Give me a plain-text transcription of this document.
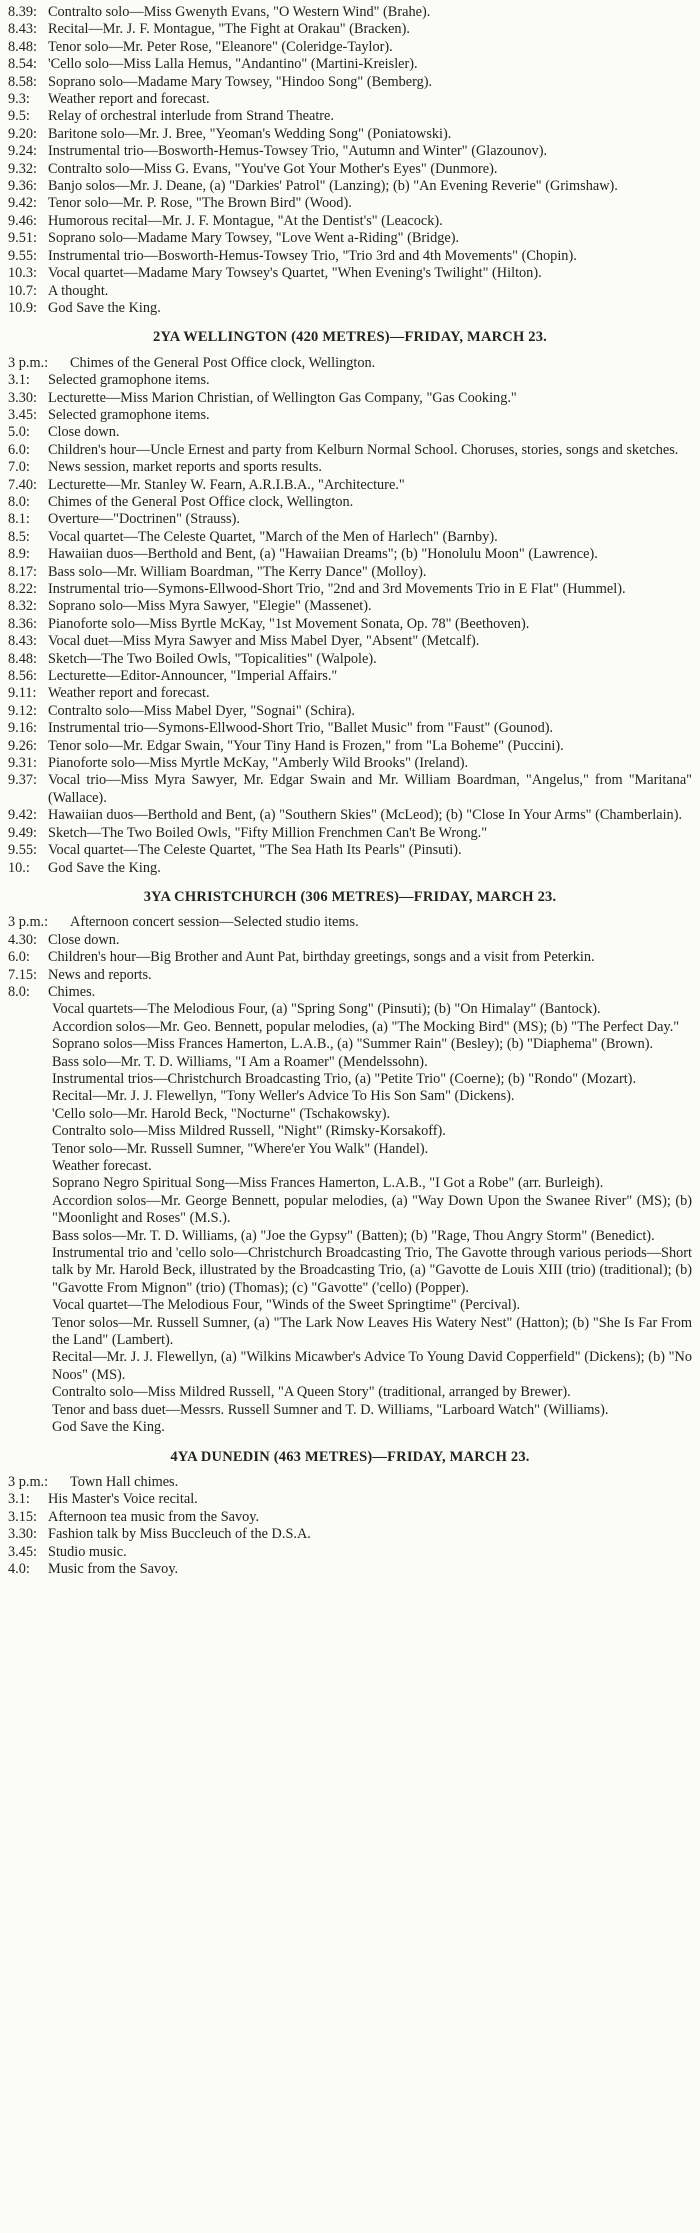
8.39: Contralto solo—Miss Gwenyth Evans, "O Western Wind" (Brahe).
8.43: Recital—Mr. J. F. Montague, "The Fight at Orakau" (Bracken).
8.48: Tenor solo—Mr. Peter Rose, "Eleanore" (Coleridge-Taylor).
8.54: 'Cello solo—Miss Lalla Hemus, "Andantino" (Martini-Kreisler).
8.58: Soprano solo—Madame Mary Towsey, "Hindoo Song" (Bemberg).
9.3:	Weather report and forecast.
9.5:	Relay of orchestral interlude from Strand Theatre.
9.20: Baritone solo—Mr. J. Bree, "Yeoman's Wedding Song" (Poniatowski).
9.24: Instrumental trio—Bosworth-Hemus-Towsey Trio, "Autumn and Winter" (Glazounov).
9.32: Contralto solo—Miss G. Evans, "You've Got Your Mother's Eyes" (Dunmore).
9.36: Banjo solos—Mr. J. Deane, (a) "Darkies' Patrol" (Lanzing); (b) "An Evening Reverie" (Grimshaw).
9.42: Tenor solo—Mr. P. Rose, "The Brown Bird" (Wood).
9.46: Humorous recital—Mr. J. F. Montague, "At the Dentist's" (Leacock).
9.51: Soprano solo—Madame Mary Towsey, "Love Went a-Riding" (Bridge).
9.55: Instrumental trio—Bosworth-Hemus-Towsey Trio, "Trio 3rd and 4th Movements" (Chopin).
10.3: Vocal quartet—Madame Mary Towsey's Quartet, "When Evening's Twilight" (Hilton).
10.7: A thought.
10.9: God Save the King.
2YA WELLINGTON (420 METRES)—FRIDAY, MARCH 23.
3 p.m.:	Chimes of the General Post Office clock, Wellington.
3.1:	Selected gramophone items.
3.30: Lecturette—Miss Marion Christian, of Wellington Gas Company, "Gas Cooking."
3.45: Selected gramophone items.
5.0:	Close down.
6.0:	Children's hour—Uncle Ernest and party from Kelburn Normal School. Choruses, stories, songs and sketches.
7.0:	News session, market reports and sports results.
7.40: Lecturette—Mr. Stanley W. Fearn, A.R.I.B.A., "Architecture."
8.0:	Chimes of the General Post Office clock, Wellington.
8.1:	Overture—"Doctrinen" (Strauss).
8.5:	Vocal quartet—The Celeste Quartet, "March of the Men of Harlech" (Barnby).
8.9:	Hawaiian duos—Berthold and Bent, (a) "Hawaiian Dreams"; (b) "Honolulu Moon" (Lawrence).
8.17: Bass solo—Mr. William Boardman, "The Kerry Dance" (Molloy).
8.22: Instrumental trio—Symons-Ellwood-Short Trio, "2nd and 3rd Movements Trio in E Flat" (Hummel).
8.32: Soprano solo—Miss Myra Sawyer, "Elegie" (Massenet).
8.36: Pianoforte solo—Miss Byrtle McKay, "1st Movement Sonata, Op. 78" (Beethoven).
8.43: Vocal duet—Miss Myra Sawyer and Miss Mabel Dyer, "Absent" (Metcalf).
8.48: Sketch—The Two Boiled Owls, "Topicalities" (Walpole).
8.56: Lecturette—Editor-Announcer, "Imperial Affairs."
9.11: Weather report and forecast.
9.12: Contralto solo—Miss Mabel Dyer, "Sognai" (Schira).
9.16: Instrumental trio—Symons-Ellwood-Short Trio, "Ballet Music" from "Faust" (Gounod).
9.26: Tenor solo—Mr. Edgar Swain, "Your Tiny Hand is Frozen," from "La Boheme" (Puccini).
9.31: Pianoforte solo—Miss Myrtle McKay, "Amberly Wild Brooks" (Ireland).
9.37: Vocal trio—Miss Myra Sawyer, Mr. Edgar Swain and Mr. William Boardman, "Angelus," from "Maritana" (Wallace).
9.42: Hawaiian duos—Berthold and Bent, (a) "Southern Skies" (McLeod); (b) "Close In Your Arms" (Chamberlain).
9.49: Sketch—The Two Boiled Owls, "Fifty Million Frenchmen Can't Be Wrong."
9.55: Vocal quartet—The Celeste Quartet, "The Sea Hath Its Pearls" (Pinsuti).
10.:	God Save the King.
3YA CHRISTCHURCH (306 METRES)—FRIDAY, MARCH 23.
3 p.m.:	Afternoon concert session—Selected studio items.
4.30: Close down.
6.0:	Children's hour—Big Brother and Aunt Pat, birthday greetings, songs and a visit from Peterkin.
7.15: News and reports.
8.0:	Chimes.
Vocal quartets—The Melodious Four, (a) "Spring Song" (Pinsuti); (b) "On Himalay" (Bantock).
Accordion solos—Mr. Geo. Bennett, popular melodies, (a) "The Mocking Bird" (MS); (b) "The Perfect Day."
Soprano solos—Miss Frances Hamerton, L.A.B., (a) "Summer Rain" (Besley); (b) "Diaphema" (Brown).
Bass solo—Mr. T. D. Williams, "I Am a Roamer" (Mendelssohn).
Instrumental trios—Christchurch Broadcasting Trio, (a) "Petite Trio" (Coerne); (b) "Rondo" (Mozart).
Recital—Mr. J. J. Flewellyn, "Tony Weller's Advice To His Son Sam" (Dickens).
'Cello solo—Mr. Harold Beck, "Nocturne" (Tschakowsky).
Contralto solo—Miss Mildred Russell, "Night" (Rimsky-Korsakoff).
Tenor solo—Mr. Russell Sumner, "Where'er You Walk" (Handel).
Weather forecast.
Soprano Negro Spiritual Song—Miss Frances Hamerton, L.A.B., "I Got a Robe" (arr. Burleigh).
Accordion solos—Mr. George Bennett, popular melodies, (a) "Way Down Upon the Swanee River" (MS); (b) "Moonlight and Roses" (M.S.).
Bass solos—Mr. T. D. Williams, (a) "Joe the Gypsy" (Batten); (b) "Rage, Thou Angry Storm" (Benedict).
Instrumental trio and 'cello solo—Christchurch Broadcasting Trio, The Gavotte through various periods—Short talk by Mr. Harold Beck, illustrated by the Broadcasting Trio, (a) "Gavotte de Louis XIII (trio) (traditional); (b) "Gavotte From Mignon" (trio) (Thomas); (c) "Gavotte" ('cello) (Popper).
Vocal quartet—The Melodious Four, "Winds of the Sweet Springtime" (Percival).
Tenor solos—Mr. Russell Sumner, (a) "The Lark Now Leaves His Watery Nest" (Hatton); (b) "She Is Far From the Land" (Lambert).
Recital—Mr. J. J. Flewellyn, (a) "Wilkins Micawber's Advice To Young David Copperfield" (Dickens); (b) "No Noos" (MS).
Contralto solo—Miss Mildred Russell, "A Queen Story" (traditional, arranged by Brewer).
Tenor and bass duet—Messrs. Russell Sumner and T. D. Williams, "Larboard Watch" (Williams).
God Save the King.
4YA DUNEDIN (463 METRES)—FRIDAY, MARCH 23.
3 p.m.:	Town Hall chimes.
3.1:	His Master's Voice recital.
3.15: Afternoon tea music from the Savoy.
3.30: Fashion talk by Miss Buccleuch of the D.S.A.
3.45: Studio music.
4.0:	Music from the Savoy.
